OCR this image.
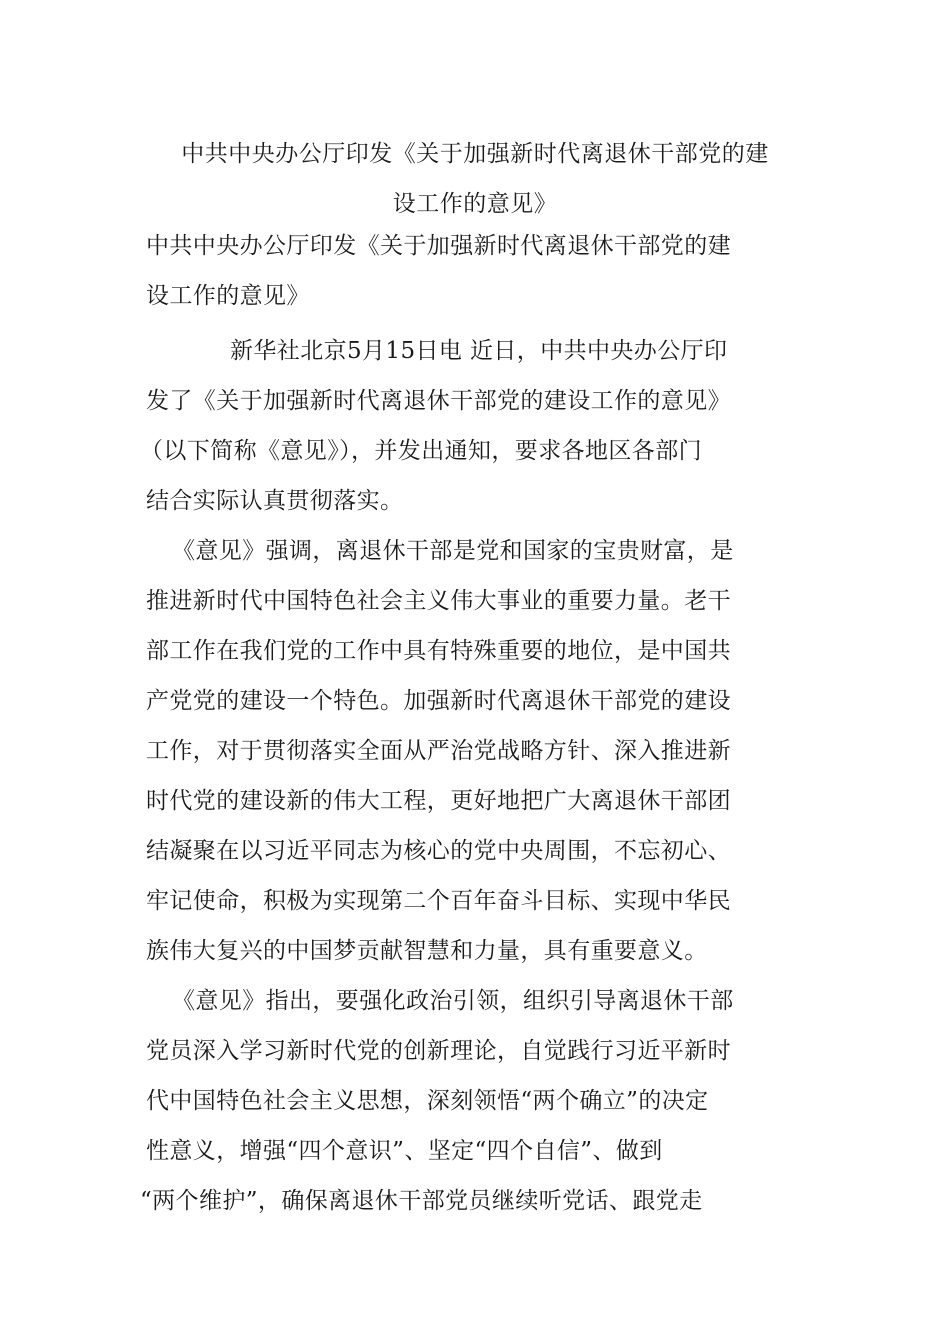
中共中央办公厅印发《关于加强新时代离退休干部党的建
设工作的意见》
中共中央办公厅印发《关于加强新时代离退休干部党的建
设工作的意见》
新华社北京5月15日电 近日，中共中央办公厅印
发了《关于加强新时代离退休干部党的建设工作的意见》
（以下简称《意见》），并发出通知，要求各地区各部门
结合实际认真贯彻落实。
《意见》强调，离退休干部是党和国家的宝贵财富，是
推进新时代中国特色社会主义伟大事业的重要力量。老干
部工作在我们党的工作中具有特殊重要的地位，是中国共
产党党的建设一个特色。加强新时代离退休干部党的建设
工作，对于贯彻落实全面从严治党战略方针、深入推进新
时代党的建设新的伟大工程，更好地把广大离退休干部团
结凝聚在以习近平同志为核心的党中央周围，不忘初心、
牢记使命，积极为实现第二个百年奋斗目标、实现中华民
族伟大复兴的中国梦贡献智慧和力量，具有重要意义。
《意见》指出，要强化政治引领，组织引导离退休干部
党员深入学习新时代党的创新理论，自觉践行习近平新时
代中国特色社会主义思想，深刻领悟“两个确立”的决定
性意义，增强“四个意识”、坚定“四个自信”、做到
“两个维护”，确保离退休干部党员继续听党话、跟党走
